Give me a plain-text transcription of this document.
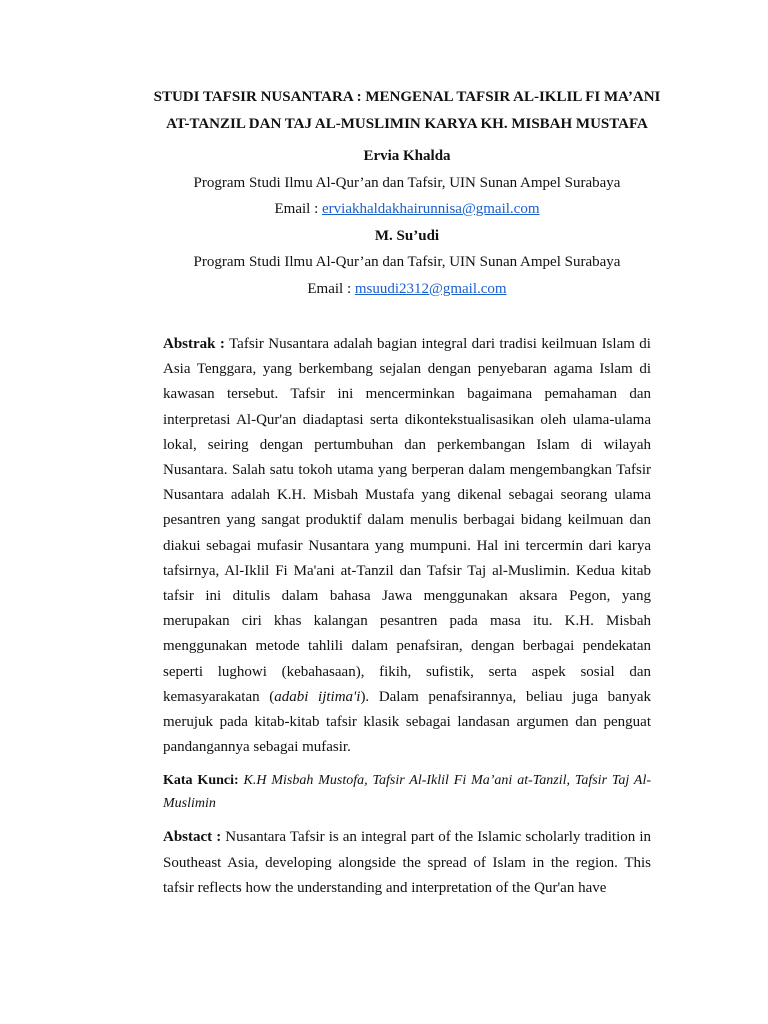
STUDI TAFSIR NUSANTARA : MENGENAL TAFSIR AL-IKLIL FI MA’ANI AT-TANZIL DAN TAJ AL-MUSLIMIN KARYA KH. MISBAH MUSTAFA
Ervia Khalda
Program Studi Ilmu Al-Qur’an dan Tafsir, UIN Sunan Ampel Surabaya
Email : erviakhaldakhairunnisa@gmail.com
M. Su’udi
Program Studi Ilmu Al-Qur’an dan Tafsir, UIN Sunan Ampel Surabaya
Email : msuudi2312@gmail.com
Abstrak : Tafsir Nusantara adalah bagian integral dari tradisi keilmuan Islam di Asia Tenggara, yang berkembang sejalan dengan penyebaran agama Islam di kawasan tersebut. Tafsir ini mencerminkan bagaimana pemahaman dan interpretasi Al-Qur'an diadaptasi serta dikontekstualisasikan oleh ulama-ulama lokal, seiring dengan pertumbuhan dan perkembangan Islam di wilayah Nusantara. Salah satu tokoh utama yang berperan dalam mengembangkan Tafsir Nusantara adalah K.H. Misbah Mustafa yang dikenal sebagai seorang ulama pesantren yang sangat produktif dalam menulis berbagai bidang keilmuan dan diakui sebagai mufasir Nusantara yang mumpuni. Hal ini tercermin dari karya tafsirnya, Al-Iklil Fi Ma'ani at-Tanzil dan Tafsir Taj al-Muslimin. Kedua kitab tafsir ini ditulis dalam bahasa Jawa menggunakan aksara Pegon, yang merupakan ciri khas kalangan pesantren pada masa itu. K.H. Misbah menggunakan metode tahlili dalam penafsiran, dengan berbagai pendekatan seperti lughowi (kebahasaan), fikih, sufistik, serta aspek sosial dan kemasyarakatan (adabi ijtima'i). Dalam penafsirannya, beliau juga banyak merujuk pada kitab-kitab tafsir klasik sebagai landasan argumen dan penguat pandangannya sebagai mufasir.
Kata Kunci: K.H Misbah Mustofa, Tafsir Al-Iklil Fi Ma’ani at-Tanzil, Tafsir Taj Al-Muslimin
Abstact : Nusantara Tafsir is an integral part of the Islamic scholarly tradition in Southeast Asia, developing alongside the spread of Islam in the region. This tafsir reflects how the understanding and interpretation of the Qur'an have
